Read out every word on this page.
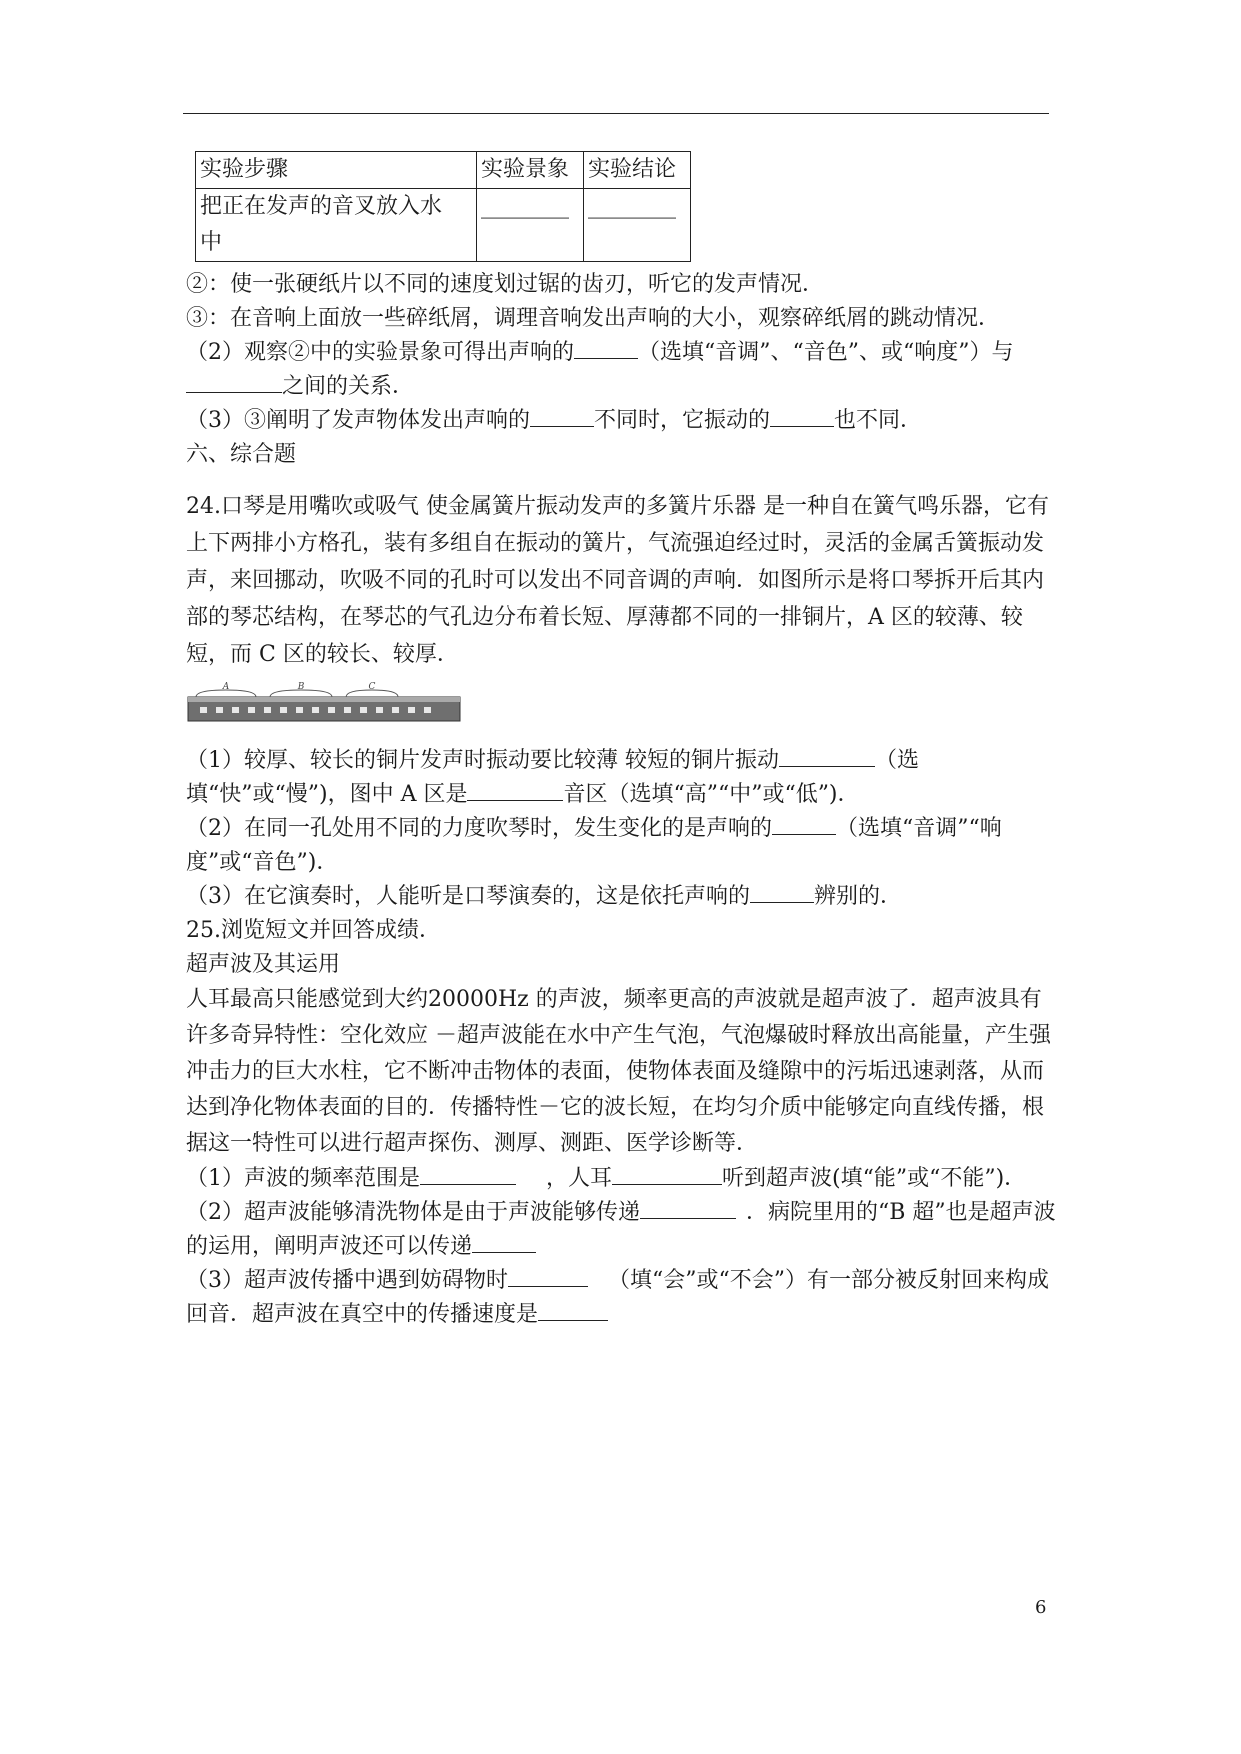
实验步骤	实验景象	实验结论
把正在发声的音叉放入水
中	________	________

②：使一张硬纸片以不同的速度划过锯的齿刃，听它的发声情况．

③：在音响上面放一些碎纸屑，调理音响发出声响的大小，观察碎纸屑的跳动情况．

（2）观察②中的实验景象可得出声响的	（选填“音调”、“音色”、或“响度”）与之间的关系．

（3）③阐明了发声物体发出声响的	不同时，它振动的	也不同．

六、综合题

24.口琴是用嘴吹或吸气 使金属簧片振动发声的多簧片乐器 是一种自在簧气鸣乐器，它有上下两排小方格孔，装有多组自在振动的簧片，气流强迫经过时，灵活的金属舌簧振动发声，来回挪动，吹吸不同的孔时可以发出不同音调的声响．如图所示是将口琴拆开后其内部的琴芯结构，在琴芯的气孔边分布着长短、厚薄都不同的一排铜片，A 区的较薄、较短，而 C 区的较长、较厚．

A	B	C

（1）较厚、较长的铜片发声时振动要比较薄 较短的铜片振动	（选填“快”或“慢”)，图中 A 区是	音区（选填“高”“中”或“低”)．

（2）在同一孔处用不同的力度吹琴时，发生变化的是声响的	（选填“音调”“响度”或“音色”)．

（3）在它演奏时，人能听是口琴演奏的，这是依托声响的	辨别的．

25.浏览短文并回答成绩．

超声波及其运用

人耳最高只能感觉到大约20000Hz 的声波，频率更高的声波就是超声波了．超声波具有许多奇异特性：空化效应 －超声波能在水中产生气泡，气泡爆破时释放出高能量，产生强冲击力的巨大水柱，它不断冲击物体的表面，使物体表面及缝隙中的污垢迅速剥落，从而达到净化物体表面的目的．传播特性－它的波长短，在均匀介质中能够定向直线传播，根据这一特性可以进行超声探伤、测厚、测距、医学诊断等．

（1）声波的频率范围是	，人耳	听到超声波(填“能”或“不能”)．

（2）超声波能够清洗物体是由于声波能够传递	．病院里用的“B 超”也是超声波的运用，阐明声波还可以传递

（3）超声波传播中遇到妨碍物时	（填“会”或“不会”）有一部分被反射回来构成回音．超声波在真空中的传播速度是

6
